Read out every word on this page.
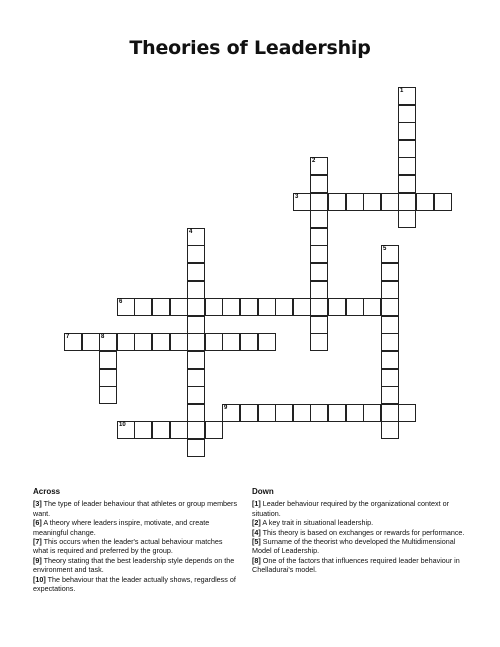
Theories of Leadership
1
2
3
4
5
6
7	8
9
10
Across

[3] The type of leader behaviour that athletes or group members want.

[6] A theory where leaders inspire, motivate, and create meaningful change.

[7] This occurs when the leader's actual behaviour matches what is required and preferred by the group.

[9] Theory stating that the best leadership style depends on the environment and task.

[10] The behaviour that the leader actually shows, regardless of expectations.

Down

[1] Leader behaviour required by the organizational context or situation.

[2] A key trait in situational leadership.

[4] This theory is based on exchanges or rewards for performance.

[5] Surname of the theorist who developed the Multidimensional Model of Leadership.

[8] One of the factors that influences required leader behaviour in Chelladurai's model.
